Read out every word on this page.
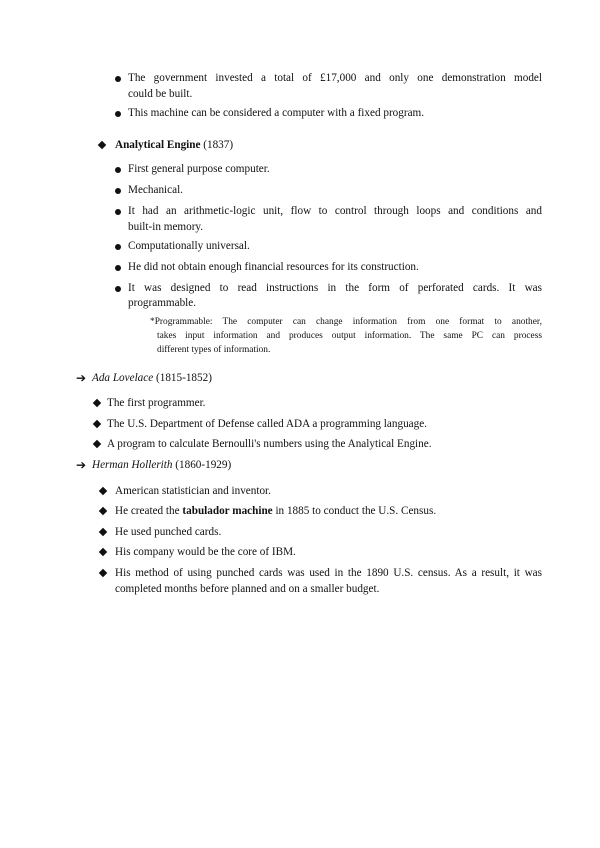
The government invested a total of £17,000 and only one demonstration model
could be built.
This machine can be considered a computer with a fixed program.
Analytical Engine (1837)
First general purpose computer.
Mechanical.
It had an arithmetic-logic unit, flow to control through loops and conditions and
built-in memory.
Computationally universal.
He did not obtain enough financial resources for its construction.
It was designed to read instructions in the form of perforated cards. It was
programmable.
*Programmable: The computer can change information from one format to another,
takes input information and produces output information. The same PC can process
different types of information.
➔ Ada Lovelace (1815-1852)
The first programmer.
The U.S. Department of Defense called ADA a programming language.
A program to calculate Bernoulli's numbers using the Analytical Engine.
➔ Herman Hollerith (1860-1929)
American statistician and inventor.
He created the tabulador machine in 1885 to conduct the U.S. Census.
He used punched cards.
His company would be the core of IBM.
His method of using punched cards was used in the 1890 U.S. census. As a result, it was
completed months before planned and on a smaller budget.
